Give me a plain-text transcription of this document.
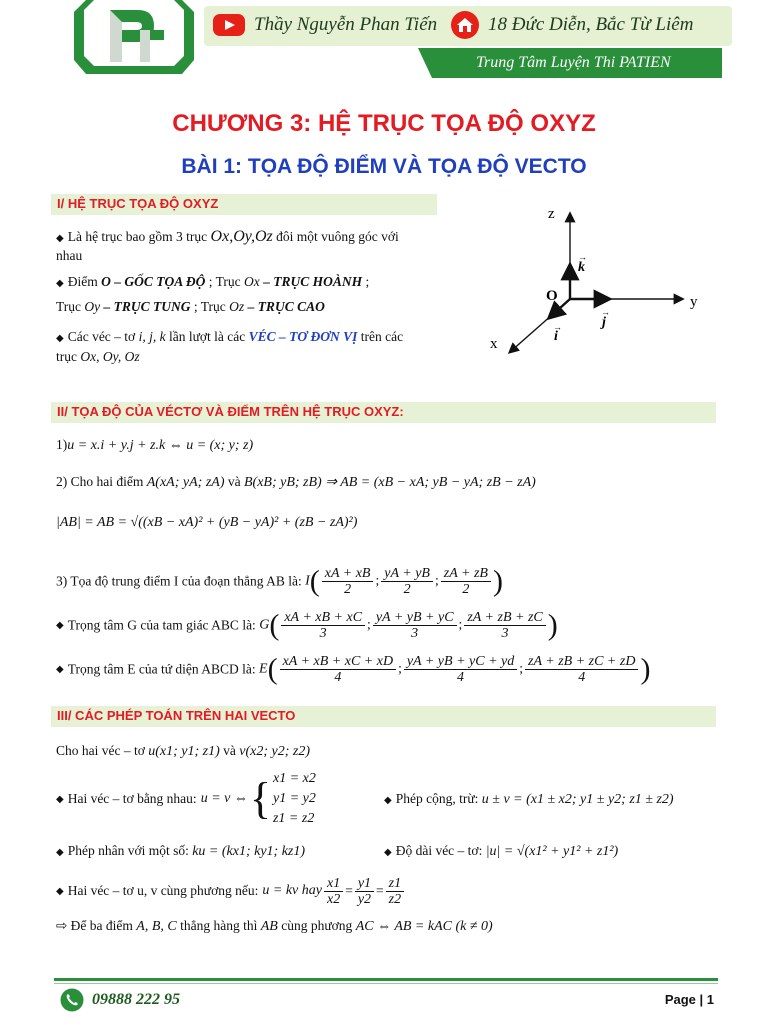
Thầy Nguyễn Phan Tiến	18 Đức Diễn, Bắc Từ Liêm
Trung Tâm Luyện Thi PATIEN
CHƯƠNG 3: HỆ TRỤC TỌA ĐỘ OXYZ
BÀI 1: TỌA ĐỘ ĐIỂM VÀ TỌA ĐỘ VECTO
I/ HỆ TRỤC TỌA ĐỘ OXYZ
◆ Là hệ trục bao gồm 3 trục Ox,Oy,Oz đôi một vuông góc với
nhau
◆ Điểm O – GỐC TỌA ĐỘ ; Trục Ox – TRỤC HOÀNH ;
Trục Oy – TRỤC TUNG ; Trục Oz – TRỤC CAO
◆ Các véc – tơ i, j, k lần lượt là các VÉC – TƠ ĐƠN VỊ trên các
trục Ox, Oy, Oz
z
y
x
O
k
j
i
→
→
→
II/ TỌA ĐỘ CỦA VÉCTƠ VÀ ĐIỂM TRÊN HỆ TRỤC OXYZ:
1)u = x.i + y.j + z.k ⇔ u = (x; y; z)
2) Cho hai điểm A(xA; yA; zA) và B(xB; yB; zB) ⇒ AB = (xB − xA; yB − yA; zB − zA)
|AB| = AB = √((xB − xA)² + (yB − yA)² + (zB − zA)²)
3) Tọa độ trung điểm I của đoạn thẳng AB là: $I( \frac{xA + xB}{2}$ ; $\frac{yA + yB}{2}$ ; $\frac{zA + zB}{2}$ )
◆ Trọng tâm G của tam giác ABC là: $G( \frac{xA + xB + xC}{3}$ ; $\frac{yA + yB + yC}{3}$ ; $\frac{zA + zB + zC}{3}$ )
◆ Trọng tâm E của tứ diện ABCD là: $E( \frac{xA + xB + xC + xD}{4}$ ; $\frac{yA + yB + yC + yd}{4}$ ; $\frac{zA + zB + zC + zD}{4}$ )
III/ CÁC PHÉP TOÁN TRÊN HAI VECTO
Cho hai véc – tơ u(x1; y1; z1) và v(x2; y2; z2)
◆ Hai véc – tơ bằng nhau: u = v ⇔ { x1 = x2
y1 = y2
z1 = z2
◆ Phép cộng, trừ: u ± v = (x1 ± x2; y1 ± y2; z1 ± z2)
◆ Phép nhân với một số: ku = (kx1; ky1; kz1)	◆ Độ dài véc – tơ: |u| = √(x1² + y1² + z1²)
◆ Hai véc – tơ u, v cùng phương nếu: u = kv hay $\frac{x1}{x2} = \frac{y1}{y2} = \frac{z1}{z2}$
⇨ Để ba điểm A, B, C thẳng hàng thì AB cùng phương AC ⇔ AB = kAC (k ≠ 0)
09888 222 95	Page | 1
